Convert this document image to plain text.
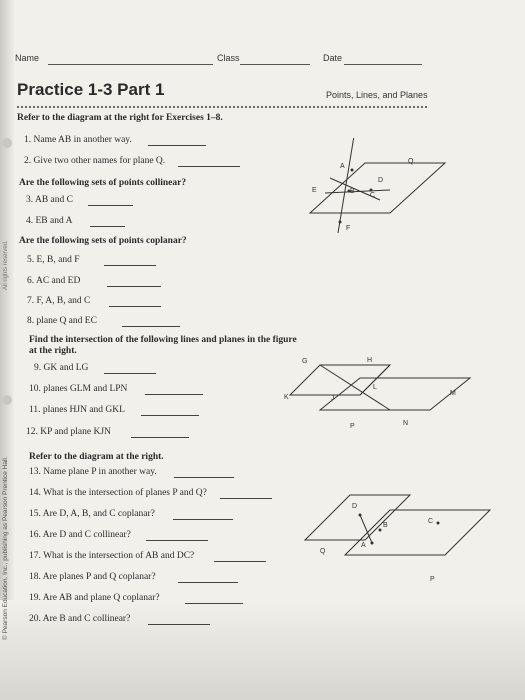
Name	Class	Date
Practice 1-3 Part 1	Points, Lines, and Planes
© Pearson Education, Inc., publishing as Pearson Prentice Hall.
All rights reserved.
Refer to the diagram at the right for Exercises 1–8.
Are the following sets of points collinear?
Are the following sets of points coplanar?
Find the intersection of the following lines and planes in the figure
at the right.
Refer to the diagram at the right.
1. Name AB in another way.
2. Give two other names for plane Q.
3. AB and C
4. EB and A
5. E, B, and F
6. AC and ED
7. F, A, B, and C
8. plane Q and EC
9. GK and LG
10. planes GLM and LPN
11. planes HJN and GKL
12. KP and plane KJN
13. Name plane P in another way.
14. What is the intersection of planes P and Q?
15. Are D, A, B, and C coplanar?
16. Are D and C collinear?
17. What is the intersection of AB and DC?
18. Are planes P and Q coplanar?
19. Are AB and plane Q coplanar?
20. Are B and C collinear?
A
B
C
D
E
F
Q
G	H
J
K
L
M
N
P
D
B
C
A
Q
P
